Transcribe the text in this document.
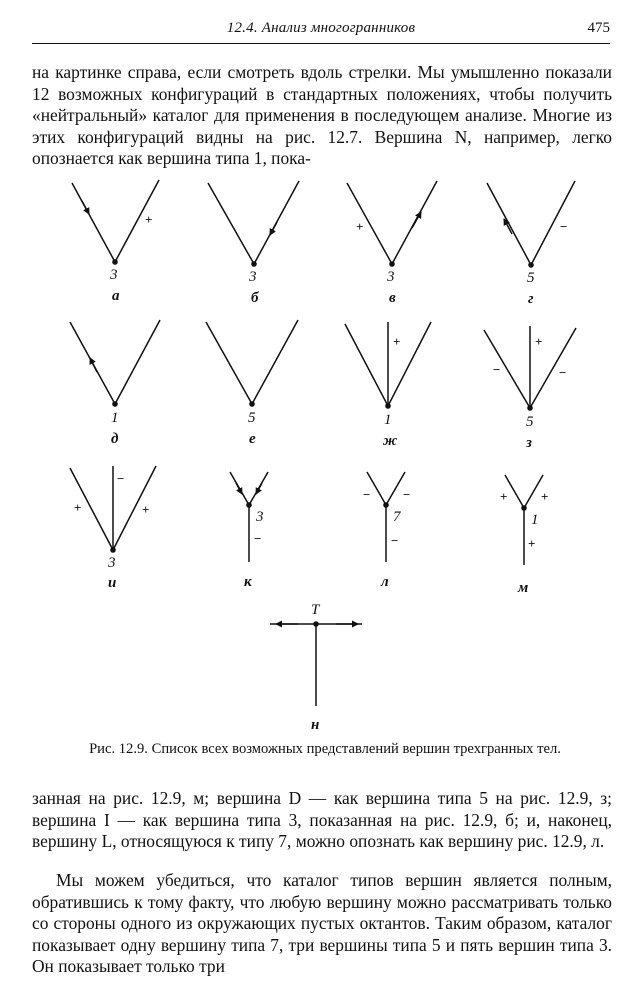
12.4. Анализ многогранников	475

на картинке справа, если смотреть вдоль стрелки. Мы умышленно показали 12 возможных конфигураций в стандартных положениях, чтобы получить «нейтральный» каталог для применения в последующем анализе. Многие из этих конфигураций видны на рис. 12.7. Вершина N, например, легко опознается как вершина типа 1, пока-

3	3	3	5
1	5	1	5
3
3	7	1
T
а	б	в	г
д	е	ж	з
и	к	л	м
н
+	+	−
+	+
−	−
−
+	+
−
−	−
−
+	+
+
Рис. 12.9. Список всех возможных представлений вершин трехгранных тел.

занная на рис. 12.9, м; вершина D — как вершина типа 5 на рис. 12.9, з; вершина I — как вершина типа 3, показанная на рис. 12.9, б; и, наконец, вершину L, относящуюся к типу 7, можно опознать как вершину рис. 12.9, л.

Мы можем убедиться, что каталог типов вершин является полным, обратившись к тому факту, что любую вершину можно рассматривать только со стороны одного из окружающих пустых октантов. Таким образом, каталог показывает одну вершину типа 7, три вершины типа 5 и пять вершин типа 3. Он показывает только три
